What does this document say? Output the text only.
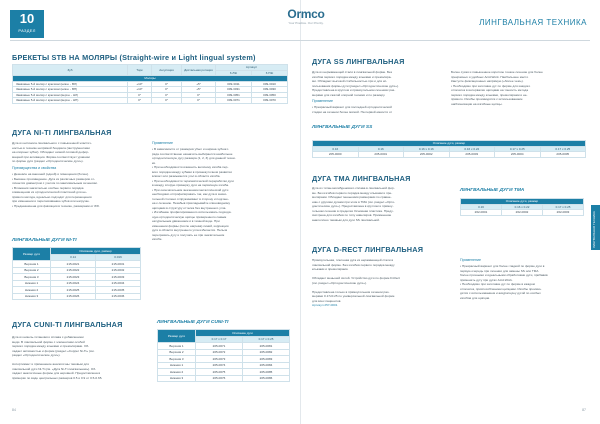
10
РАЗДЕЛ
Ormco
Your Practice. Our Priority.	ЛИНГВАЛЬНАЯ ТЕХНИКА
БРЕКЕТЫ STB НА МОЛЯРЫ (Straight-wire и Light lingual system)
Зуб	Торк	Ангуляция	Дистальная ротация	Артикул	
				6 ЛЖ	6 ПЖ
Моляры					
Замковые 5-й моляр с крючком (нижн. - ВЛ)	+10°	0°	+5°	009-3011	009-3010
Замковые 5-й моляр с крючком (нижн. - ВП)	+10°	0°	+5°	009-3031	009-3030
Замковые 5-й моляр с крючком (верхн. - НЛ)	0°	0°	0°	009-3051	009-3050
Замковые 5-й моляр с крючком (верхн. - НП)	0°	0°	0°	009-3071	009-3070
ДУГА NI-TI ЛИНГВАЛЬНАЯ
Дуга из нитинола лингвального с повышенной эластич-
ностью в технике непрямой бондинга (инструментами
на опорных зубах). Обладает низкой силовой дефор-
мацией при активации. Форма соответствует уровням
по форме дуги (раздел «Ортодонтические дуги»).
Преимущества и свойства
• Дешевле на внешней (одной) и помещения (более).
• Бывшее произведение. Дуга из различных размеров от-
личается диаметром с учетом по максимальным сечениям.
• Вложения значительно особые первого порядка
совмещения из ортодонтической пластиной для не-
прямого метода, идеально подходит для перемещения
при изменении и перетаскиванию зубов или нагрузке.
• Предназначена для фиксации в технике, размерами от 8/8.
Применение
• В зависимости от размеров убыл и ширина зубного
ряда соответственно назначить выбирается наибольше
ортодонтическую дугу размера (1, 2, 3) для данной техни-
ки.
• При необходимости изменить величину изгиба пер-
вого порядка между зубами в промежуточном развитии
влияет или размыкается угол в области изгиба.
• При необходимости терапевтической переработки дуги
в между, вторую примерку дуги на первичную изгиба.
• При окончательном значением металлической дуги
необходимо отпрофилировать так, как дуга в значи-
тельной степени отпружинивает в сторону и подгоне-
на к лечению. Незабыв прикладывайте клиновидному
щипцами в структуру оттеска без внутреннего угла.
• Изгибание профилированного использовать подходя-
щую ортодонтическую щипцы проверенного самым
натуральным движением и в темной воде. При
изменении формы (после нагрева) линий, коррекции
дуги в области внутреннего угла избегается. Нельзя
перегревать дугу и получать ее при значительном
изгибе.
ЛИНГВАЛЬНЫЕ ДУГИ NI-TI
Размер дуги	Описание дуги, размер	
	0.14	0.016
Верхняя 1	215-0021	215-0031
Верхняя 2	215-0022	215-0032
Верхняя 3	215-0023	215-0033
Нижняя 1	215-0024	215-0034
Нижняя 2	215-0025	215-0035
Нижняя 3	215-0026	215-0036
ДУГА CUNI-TI ЛИНГВАЛЬНАЯ
Дуга из никель-титанового сплава с добавлением
меди. В лингвальной форме с элементами особой
первого порядка между клыками и премолярами. Об-
ладает активностью и форме (раздел «Copper Ni-Ti» (см.
раздел «Ортодонтические дуги»).
Ассортимент и применение аналогичны таковым для
лингвальной дуги Ni-Ti (см. «Дуга Ni-Ti лингвальная»). Об-
ладает аналогичные формы для неровной. Предоставлена в
примерах по виде центральных размеров 0.5 и 0.9 от 0.5-0.65.
ЛИНГВАЛЬНЫЕ ДУГИ CUNI-TI
Размер дуги	Описание дуги	
	0.17 x 0.17	0.17 x 0.25
Верхняя 1	205-0071	205-0081
Верхняя 2	205-0072	205-0082
Верхняя 3	205-0073	205-0083
Нижняя 1	205-0074	205-0084
Нижняя 2	205-0075	205-0085
Нижняя 3	205-0076	205-0086
84
ДУГА SS ЛИНГВАЛЬНАЯ
Дуга из нержавеющей стали в лингвальной форме. Без
изгибов первого порядка между клыками и премоляра-
ми. Обладает высокой стабильностью при и для ис-
пользования формы дуги (раздел «Ортодонтические дуги»).
Предоставлена в круглом и прямоугольном сечениях раз-
мерами для сжатой опорной техники и по размеру.
Применение
• Прекрасный вариант для последней ортодонтической
стадии на сечении более мягкой. На первой емкости от
Более сухая и повышенное короткое тонкое сечение для более
прекрасных и удобных Acid-Work. Наибольшее место
Кантукте фиксационных напрямую («более чем»).
• Необходимо при заготовке дуг по форме для каждого
отпечаток в интервалах щипцами на тонкость метода
первого порядка между клыками, премолярами и не-
прямого. Изгибы производятся с использованием
шаблонизации на изгибные щипцы.
ЛИНГВАЛЬНЫЕ ДУГИ SS
Описание дуги, размер					
0.16	0.16	0.16 x 0.16	0.16 x 0.22	0.17 x 0.25	0.17 x 0.25
205-0000	205-0001	205-0002	205-0003	205-0004	205-0005
ДУГА TMA ЛИНГВАЛЬНАЯ
Дуга из титан-молибденового сплава в лингвальной фор-
ме. Без изгибов первого порядка между клыками и пре-
молярами. Обладает меньшими размерами по сравне-
нию с другими дугами при этом в ТМА (см. раздел «Орто-
донтические дуги»). Предоставлена в круглом и прямоу-
гольном сечении в пределах Основная пластика. Преду-
смотрена для изгибов по типу нивелиров. Применение
аналогично таковым для дуги SS лингвальной.
ЛИНГВАЛЬНЫЕ ДУГИ TMA
Описание дуги, размер		
0.16	0.16 x 0.22	0.17 x 0.25
262-0001	262-0002	262-0003
ДУГА D-RECT ЛИНГВАЛЬНАЯ
Прямоугольная, плетеная дуга из нержавеющей стали в
лингвальной форме. Без изгибов первого порядка между
клыками и премолярами.

Обладает меньшей силой. Устройство дуги по форме D-Rect
(см. раздел «Ортодонтические дуги»).

Предоставлена только в прямоугольном сечении раз-
мерами 0.17x0.25 по универсальной лингвальной форме
для всех пациентов.
Артикул 257-0001
Применение
• Прекрасный вариант для более гладкой по форме дуги в
первую очередь при лечении для замены SS или TMA
более прочными и идеальными обработками дуги, прибавив
применять дугу при дугах Acid-Work.
• Необходимо при заготовке дуг по форме в каждом
отпечаток, приспособлением щипцами. Изгибы произво-
дятся с использованием и аккуратнуюу дугой по особых
изгибов для щипцов.
87
ЛИНГВАЛЬНАЯ ТЕХНИКА
